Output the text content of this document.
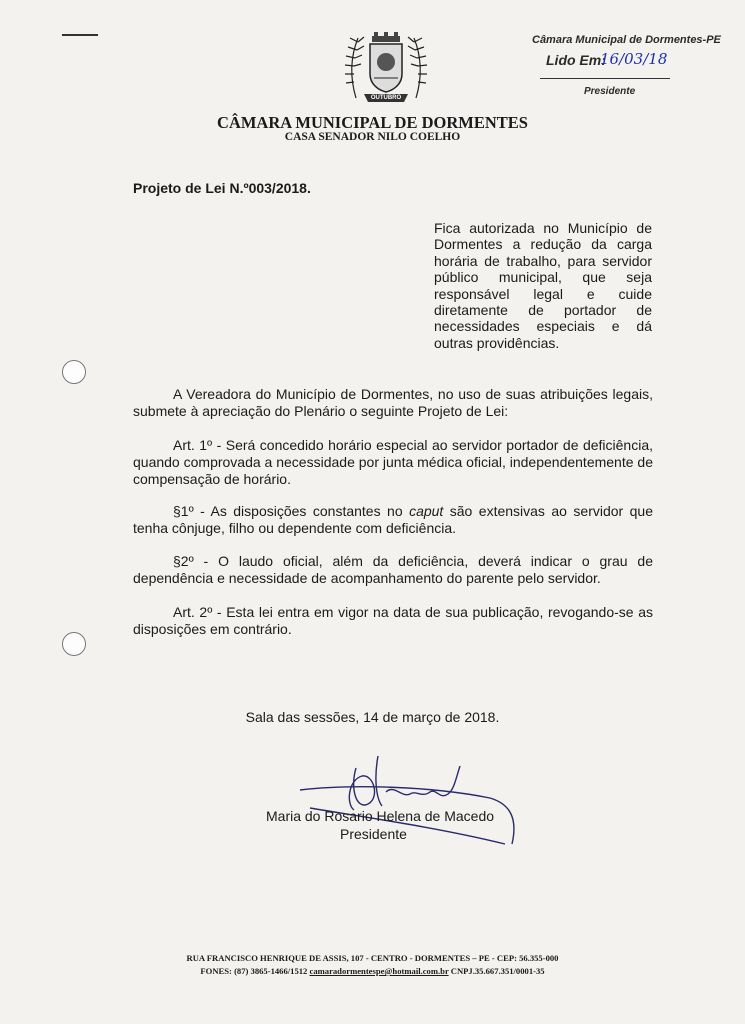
OUTUBRO
CÂMARA MUNICIPAL DE DORMENTES
CASA SENADOR NILO COELHO
Câmara Municipal de Dormentes-PE
Lido Em:
16/03/18
Presidente
Projeto de Lei N.º003/2018.
Fica autorizada no Município de Dormentes a redução da carga horária de trabalho, para servidor público municipal, que seja responsável legal e cuide diretamente de portador de necessidades especiais e dá outras providências.
A Vereadora do Município de Dormentes, no uso de suas atribuições legais, submete à apreciação do Plenário o seguinte Projeto de Lei:
Art. 1º - Será concedido horário especial ao servidor portador de deficiência, quando comprovada a necessidade por junta médica oficial, independentemente de compensação de horário.
§1º - As disposições constantes no caput são extensivas ao servidor que tenha cônjuge, filho ou dependente com deficiência.
§2º - O laudo oficial, além da deficiência, deverá indicar o grau de dependência e necessidade de acompanhamento do parente pelo servidor.
Art. 2º - Esta lei entra em vigor na data de sua publicação, revogando-se as disposições em contrário.
Sala das sessões, 14 de março de 2018.
Maria do Rosario Helena de Macedo
Presidente
RUA FRANCISCO HENRIQUE DE ASSIS, 107 - CENTRO - DORMENTES – PE - CEP: 56.355-000
FONES: (87) 3865-1466/1512 camaradormentespe@hotmail.com.br CNPJ.35.667.351/0001-35
